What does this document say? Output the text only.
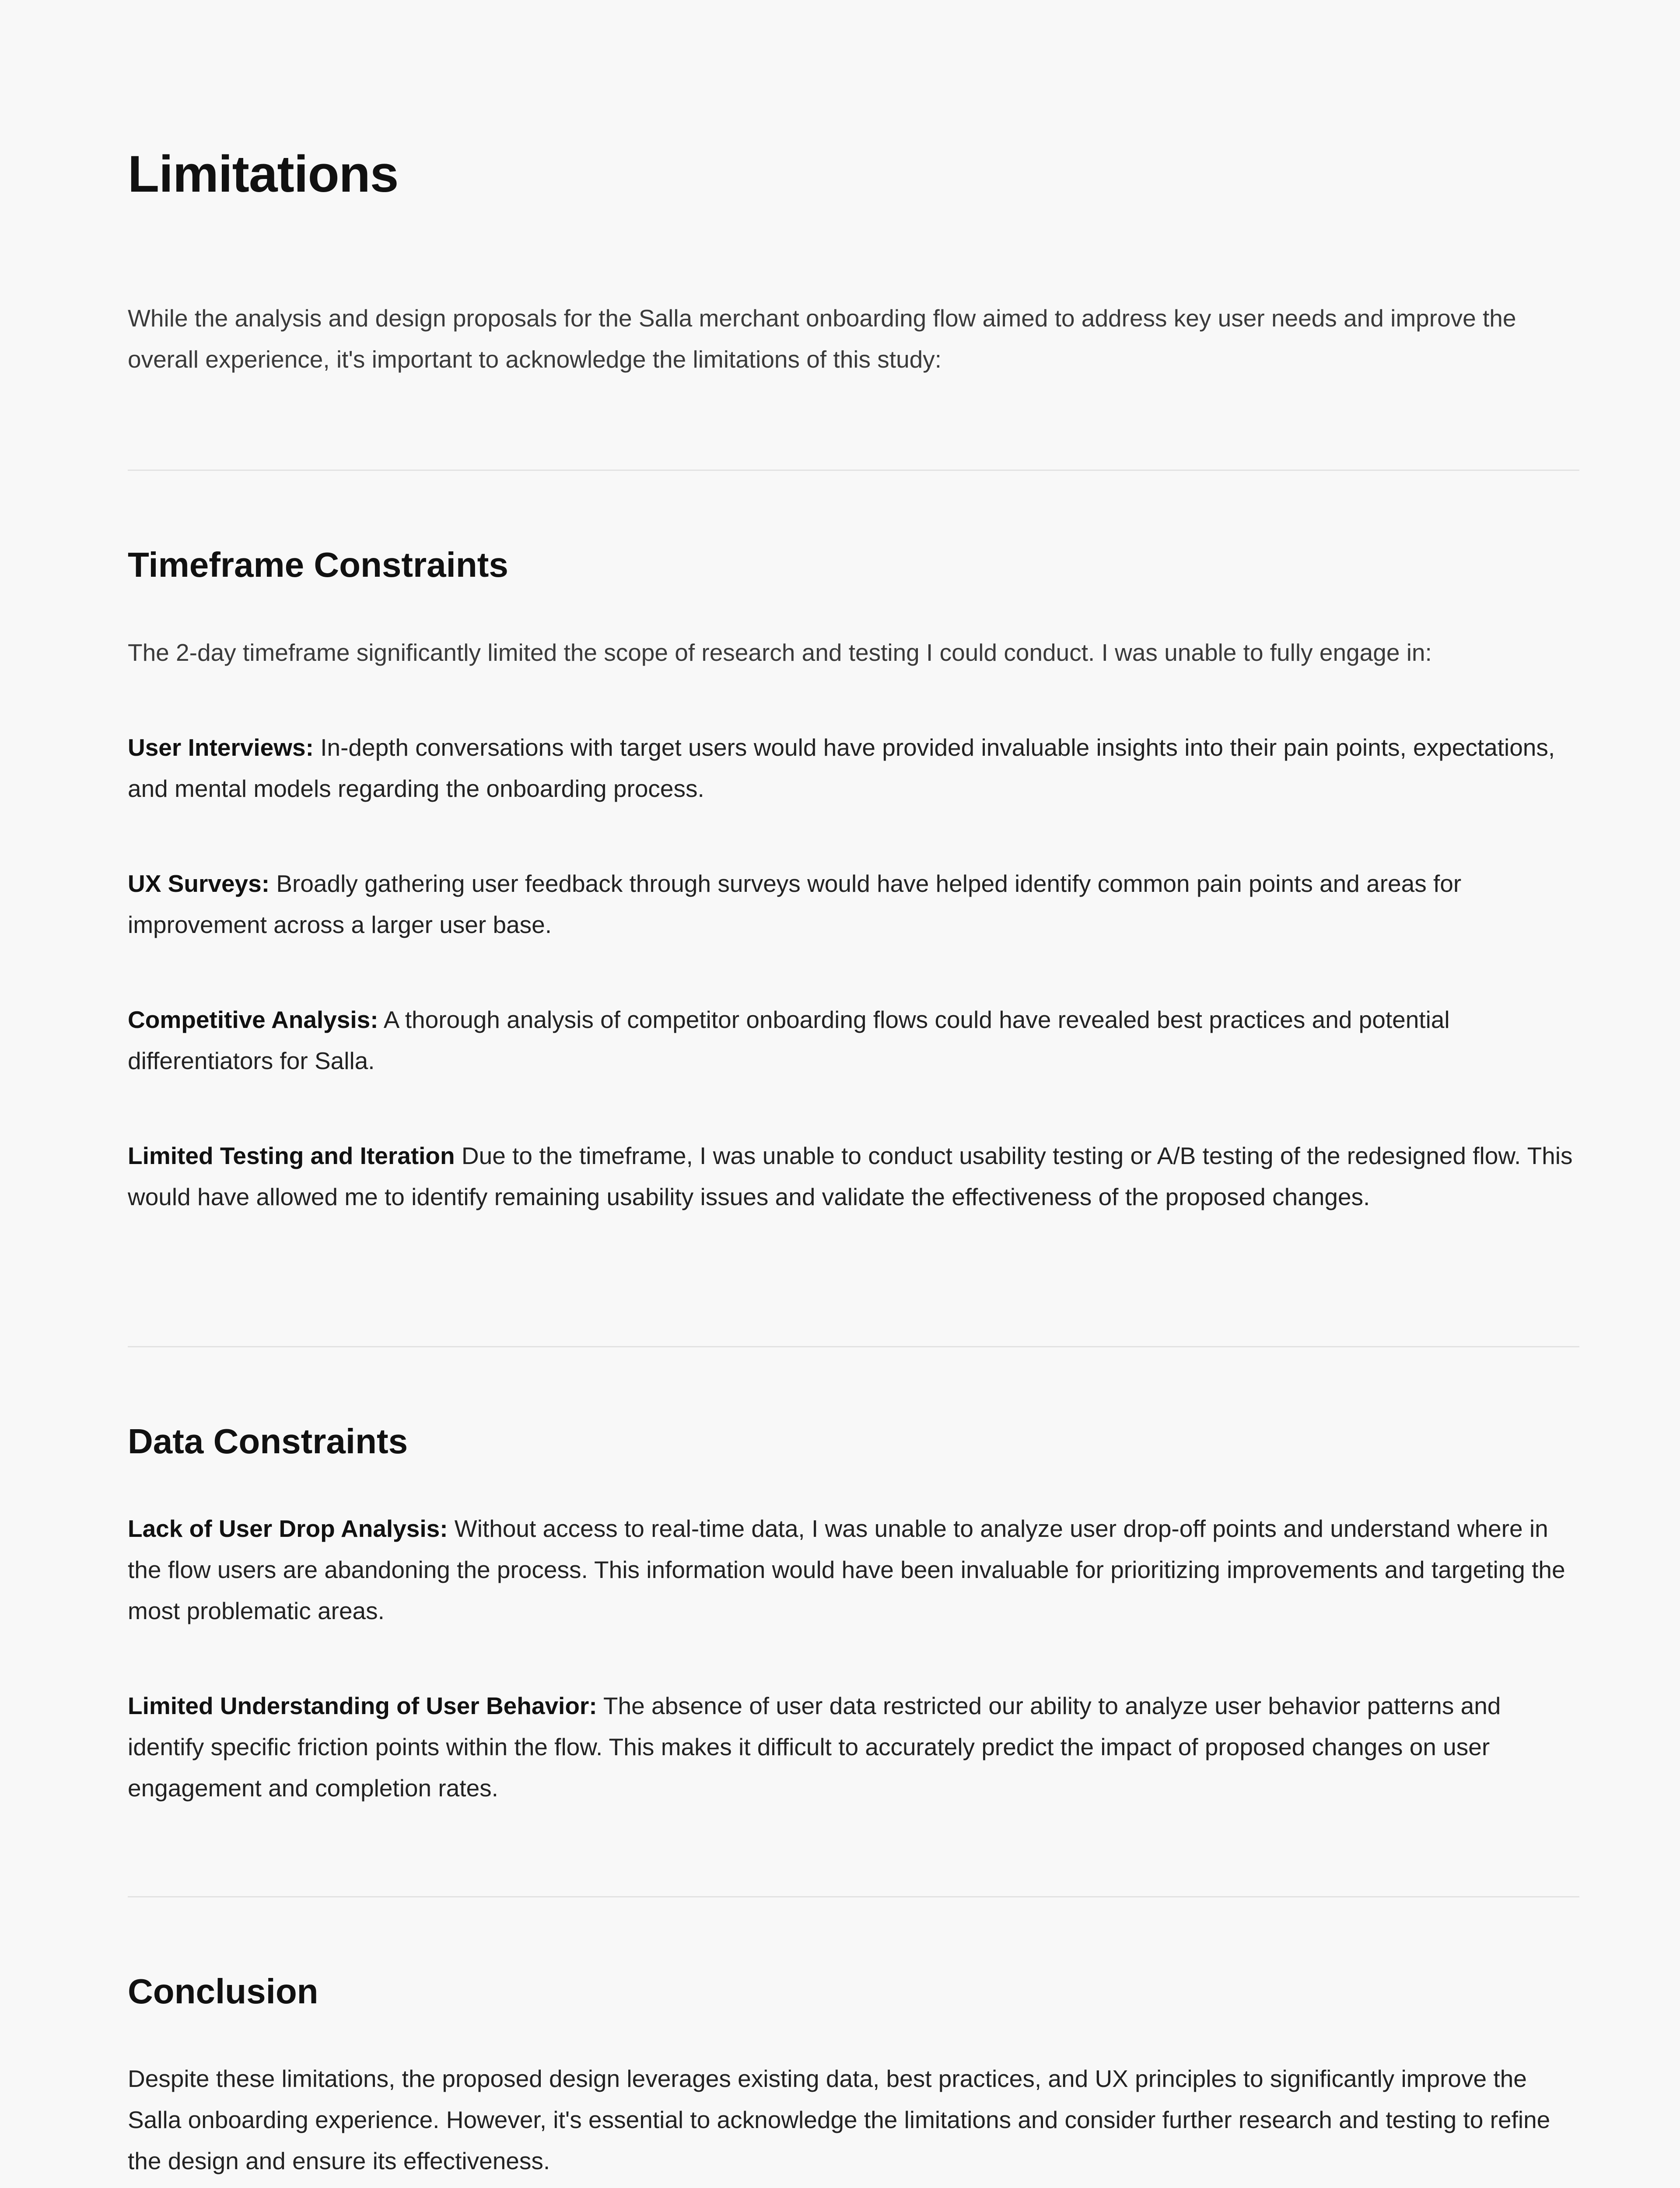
Limitations

While the analysis and design proposals for the Salla merchant onboarding flow aimed to address key user needs and improve the overall experience, it's important to acknowledge the limitations of this study:

Timeframe Constraints

The 2-day timeframe significantly limited the scope of research and testing I could conduct. I was unable to fully engage in:

User Interviews: In-depth conversations with target users would have provided invaluable insights into their pain points, expectations, and mental models regarding the onboarding process.

UX Surveys: Broadly gathering user feedback through surveys would have helped identify common pain points and areas for improvement across a larger user base.

Competitive Analysis: A thorough analysis of competitor onboarding flows could have revealed best practices and potential differentiators for Salla.

Limited Testing and Iteration Due to the timeframe, I was unable to conduct usability testing or A/B testing of the redesigned flow. This would have allowed me to identify remaining usability issues and validate the effectiveness of the proposed changes.

Data Constraints

Lack of User Drop Analysis: Without access to real-time data, I was unable to analyze user drop-off points and understand where in the flow users are abandoning the process. This information would have been invaluable for prioritizing improvements and targeting the most problematic areas.

Limited Understanding of User Behavior: The absence of user data restricted our ability to analyze user behavior patterns and identify specific friction points within the flow. This makes it difficult to accurately predict the impact of proposed changes on user engagement and completion rates.

Conclusion

Despite these limitations, the proposed design leverages existing data, best practices, and UX principles to significantly improve the Salla onboarding experience. However, it's essential to acknowledge the limitations and consider further research and testing to refine the design and ensure its effectiveness.
